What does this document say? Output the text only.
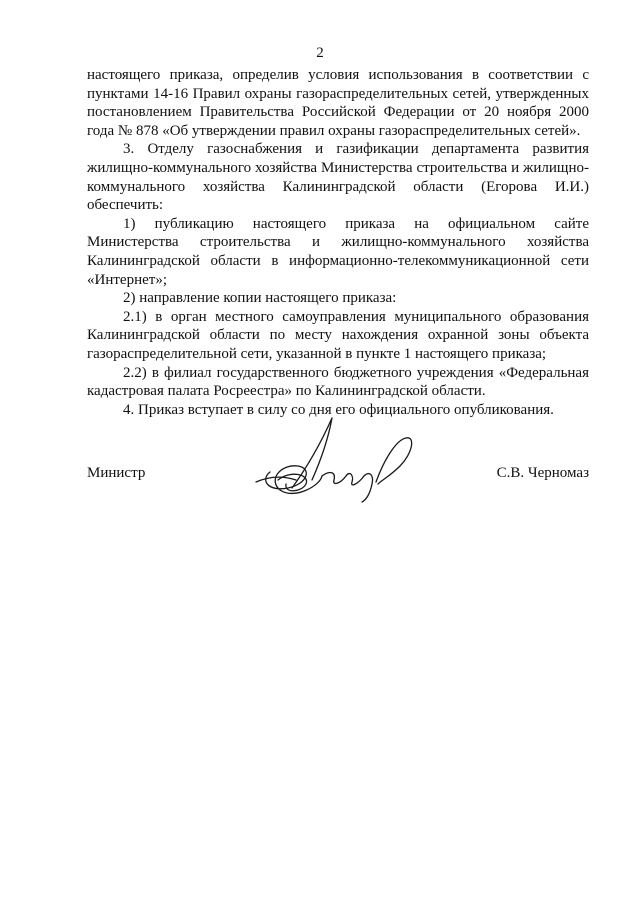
2

настоящего приказа, определив условия использования в соответствии с пунктами 14-16 Правил охраны газораспределительных сетей, утвержденных постановлением Правительства Российской Федерации от 20 ноября 2000 года № 878 «Об утверждении правил охраны газораспределительных сетей».

3. Отделу газоснабжения и газификации департамента развития жилищно-коммунального хозяйства Министерства строительства и жилищно-коммунального хозяйства Калининградской области (Егорова И.И.) обеспечить:

1) публикацию настоящего приказа на официальном сайте Министерства строительства и жилищно-коммунального хозяйства Калининградской области в информационно-телекоммуникационной сети «Интернет»;

2) направление копии настоящего приказа:

2.1) в орган местного самоуправления муниципального образования Калининградской области по месту нахождения охранной зоны объекта газораспределительной сети, указанной в пункте 1 настоящего приказа;

2.2) в филиал государственного бюджетного учреждения «Федеральная кадастровая палата Росреестра» по Калининградской области.

4. Приказ вступает в силу со дня его официального опубликования.

Министр	С.В. Черномаз
